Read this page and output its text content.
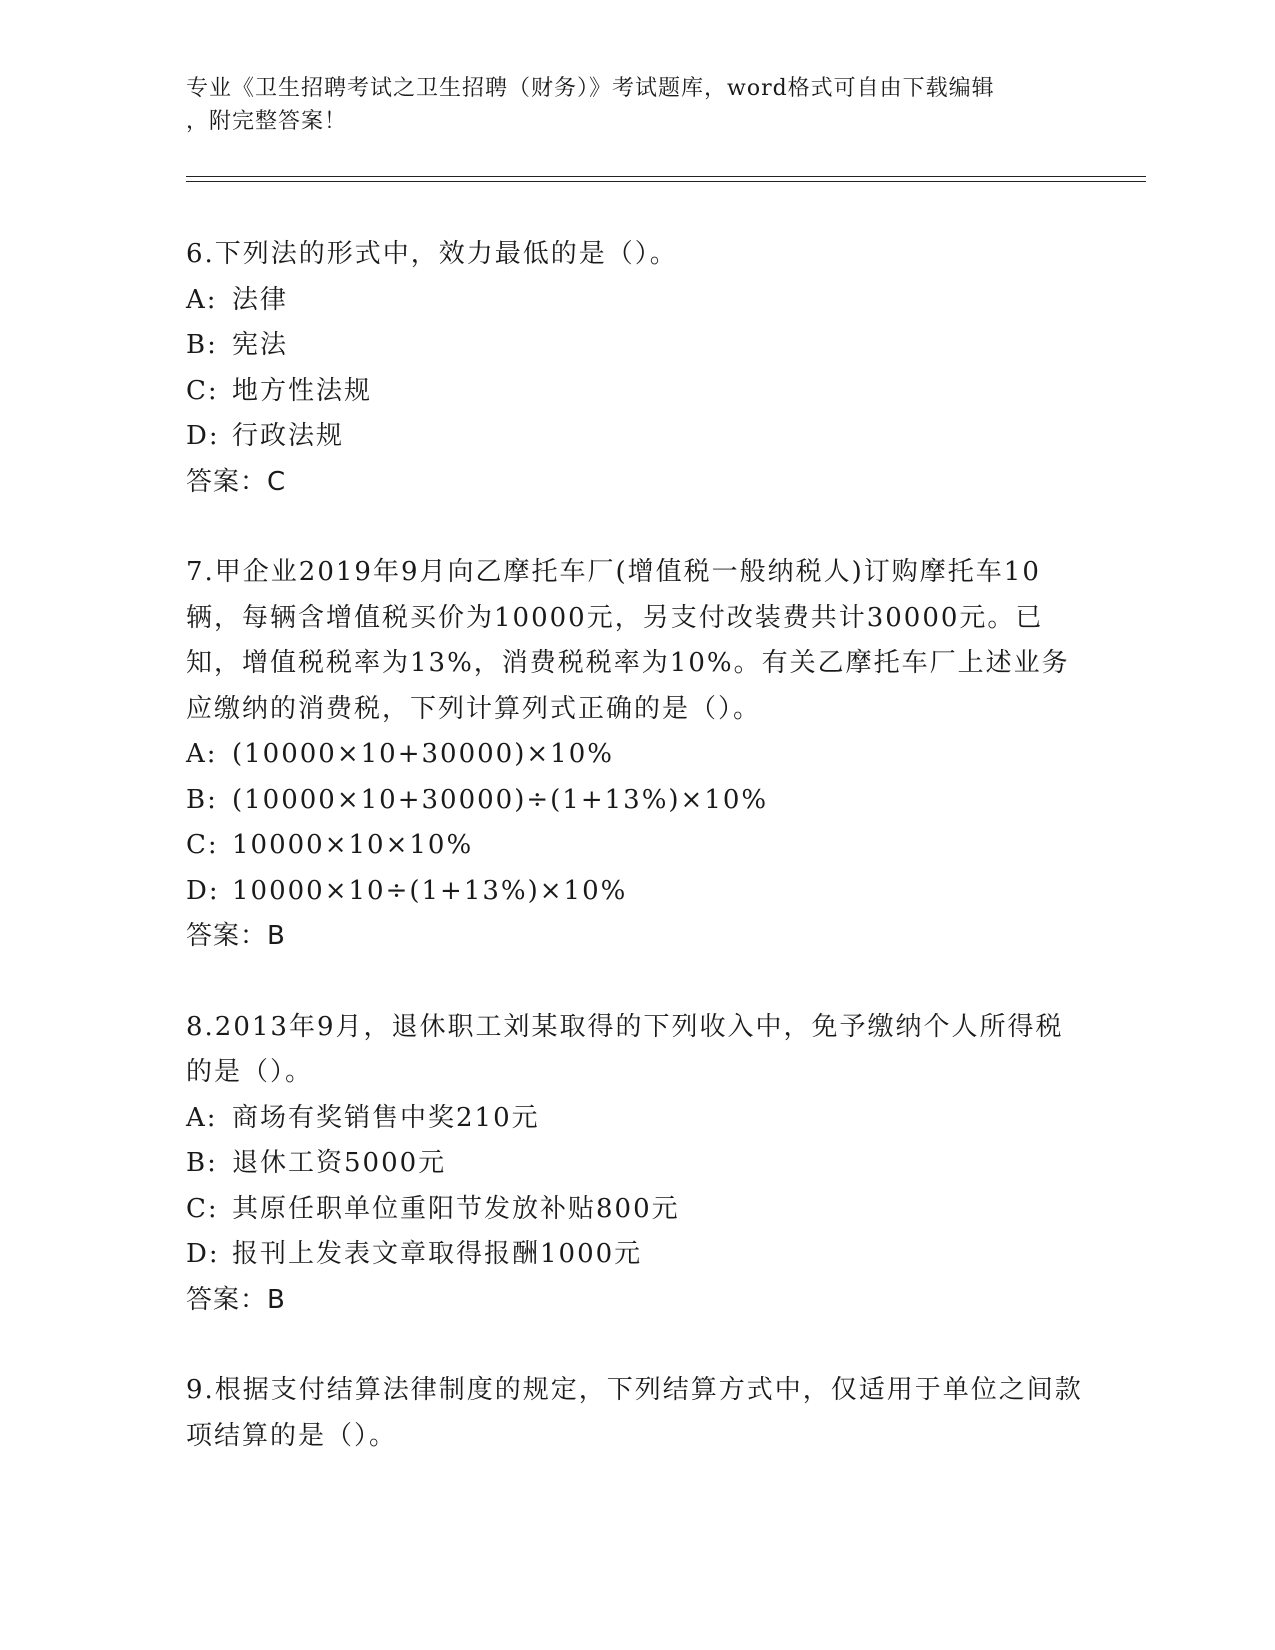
专业《卫生招聘考试之卫生招聘（财务）》考试题库，word格式可自由下载编辑
，附完整答案！

6.下列法的形式中，效力最低的是（）。

A: 法律

B: 宪法

C: 地方性法规

D: 行政法规

答案：C

7.甲企业2019年9月向乙摩托车厂(增值税一般纳税人)订购摩托车10辆，每辆含增值税买价为10000元，另支付改装费共计30000元。已知，增值税税率为13%，消费税税率为10%。有关乙摩托车厂上述业务应缴纳的消费税，下列计算列式正确的是（）。

A: (10000×10+30000)×10%

B: (10000×10+30000)÷(1+13%)×10%

C: 10000×10×10%

D: 10000×10÷(1+13%)×10%

答案：B

8.2013年9月，退休职工刘某取得的下列收入中，免予缴纳个人所得税的是（）。

A: 商场有奖销售中奖210元

B: 退休工资5000元

C: 其原任职单位重阳节发放补贴800元

D: 报刊上发表文章取得报酬1000元

答案：B

9.根据支付结算法律制度的规定，下列结算方式中，仅适用于单位之间款项结算的是（）。
